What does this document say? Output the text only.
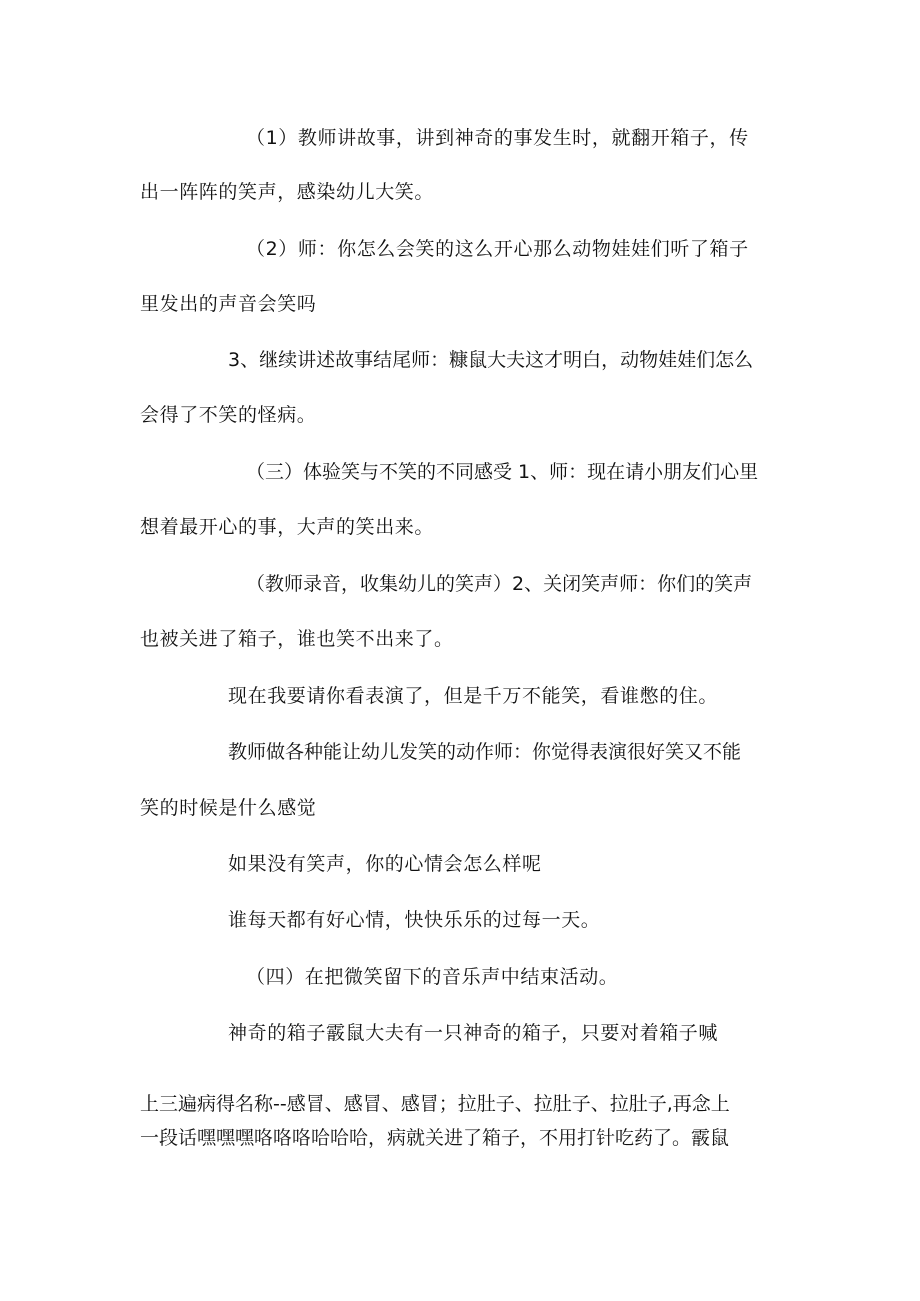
（1）教师讲故事，讲到神奇的事发生时，就翻开箱子，传
出一阵阵的笑声，感染幼儿大笑。
（2）师：你怎么会笑的这么开心那么动物娃娃们听了箱子
里发出的声音会笑吗
3、继续讲述故事结尾师：糠鼠大夫这才明白，动物娃娃们怎么
会得了不笑的怪病。
（三）体验笑与不笑的不同感受 1、师：现在请小朋友们心里
想着最开心的事，大声的笑出来。
（教师录音，收集幼儿的笑声）2、关闭笑声师：你们的笑声
也被关进了箱子，谁也笑不出来了。
现在我要请你看表演了，但是千万不能笑，看谁憋的住。
教师做各种能让幼儿发笑的动作师：你觉得表演很好笑又不能
笑的时候是什么感觉
如果没有笑声，你的心情会怎么样呢
谁每天都有好心情，快快乐乐的过每一天。
（四）在把微笑留下的音乐声中结束活动。
神奇的箱子霰鼠大夫有一只神奇的箱子，只要对着箱子喊
上三遍病得名称--感冒、感冒、感冒；拉肚子、拉肚子、拉肚子,再念上
一段话嘿嘿嘿咯咯咯哈哈哈，病就关进了箱子，不用打针吃药了。霰鼠
